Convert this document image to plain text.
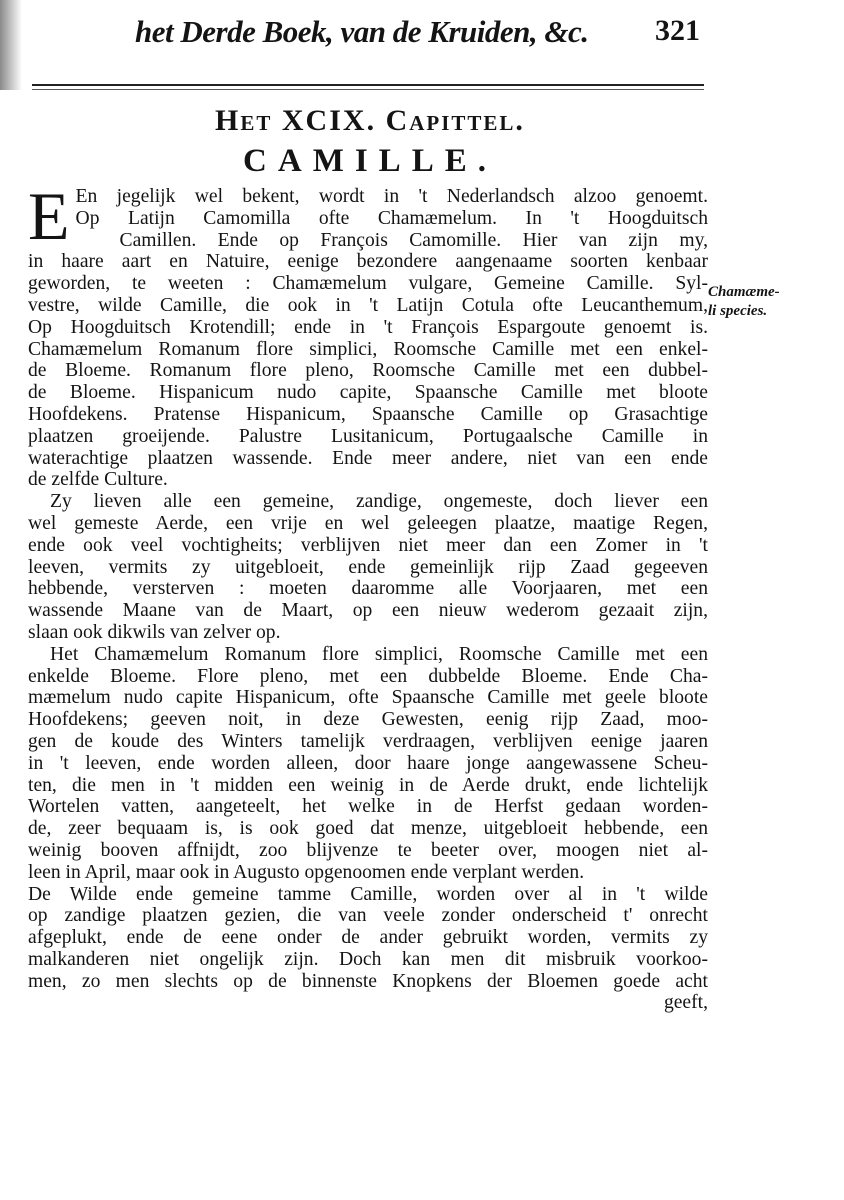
het Derde Boek, van de Kruiden, &c. 321
Het XCIX. Capittel.
CAMILLE.
E En jegelijk wel bekent, wordt in 't Nederlandsch alzoo genoemt.
Op Latijn Camomilla ofte Chamæmelum. In 't Hoogduitsch
Camillen. Ende op François Camomille. Hier van zijn my,
in haare aart en Natuire, eenige bezondere aangenaame soorten kenbaar
geworden, te weeten : Chamæmelum vulgare, Gemeine Camille. Syl-
vestre, wilde Camille, die ook in 't Latijn Cotula ofte Leucanthemum,
Op Hoogduitsch Krotendill; ende in 't François Espargoute genoemt is.
Chamæmelum Romanum flore simplici, Roomsche Camille met een enkel-
de Bloeme. Romanum flore pleno, Roomsche Camille met een dubbel-
de Bloeme. Hispanicum nudo capite, Spaansche Camille met bloote
Hoofdekens. Pratense Hispanicum, Spaansche Camille op Grasachtige
plaatzen groeijende. Palustre Lusitanicum, Portugaalsche Camille in
waterachtige plaatzen wassende. Ende meer andere, niet van een ende
de zelfde Culture.
Zy lieven alle een gemeine, zandige, ongemeste, doch liever een
wel gemeste Aerde, een vrije en wel geleegen plaatze, maatige Regen,
ende ook veel vochtigheits; verblijven niet meer dan een Zomer in 't
leeven, vermits zy uitgebloeit, ende gemeinlijk rijp Zaad gegeeven
hebbende, versterven : moeten daaromme alle Voorjaaren, met een
wassende Maane van de Maart, op een nieuw wederom gezaait zijn,
slaan ook dikwils van zelver op.
Het Chamæmelum Romanum flore simplici, Roomsche Camille met een
enkelde Bloeme. Flore pleno, met een dubbelde Bloeme. Ende Cha-
mæmelum nudo capite Hispanicum, ofte Spaansche Camille met geele bloote
Hoofdekens; geeven noit, in deze Gewesten, eenig rijp Zaad, moo-
gen de koude des Winters tamelijk verdraagen, verblijven eenige jaaren
in 't leeven, ende worden alleen, door haare jonge aangewassene Scheu-
ten, die men in 't midden een weinig in de Aerde drukt, ende lichtelijk
Wortelen vatten, aangeteelt, het welke in de Herfst gedaan worden-
de, zeer bequaam is, is ook goed dat menze, uitgebloeit hebbende, een
weinig booven affnijdt, zoo blijvenze te beeter over, moogen niet al-
leen in April, maar ook in Augusto opgenoomen ende verplant werden.
De Wilde ende gemeine tamme Camille, worden over al in 't wilde
op zandige plaatzen gezien, die van veele zonder onderscheid t' onrecht
afgeplukt, ende de eene onder de ander gebruikt worden, vermits zy
malkanderen niet ongelijk zijn. Doch kan men dit misbruik voorkoo-
men, zo men slechts op de binnenste Knopkens der Bloemen goede acht
geeft,
Chamæme-
li species.
